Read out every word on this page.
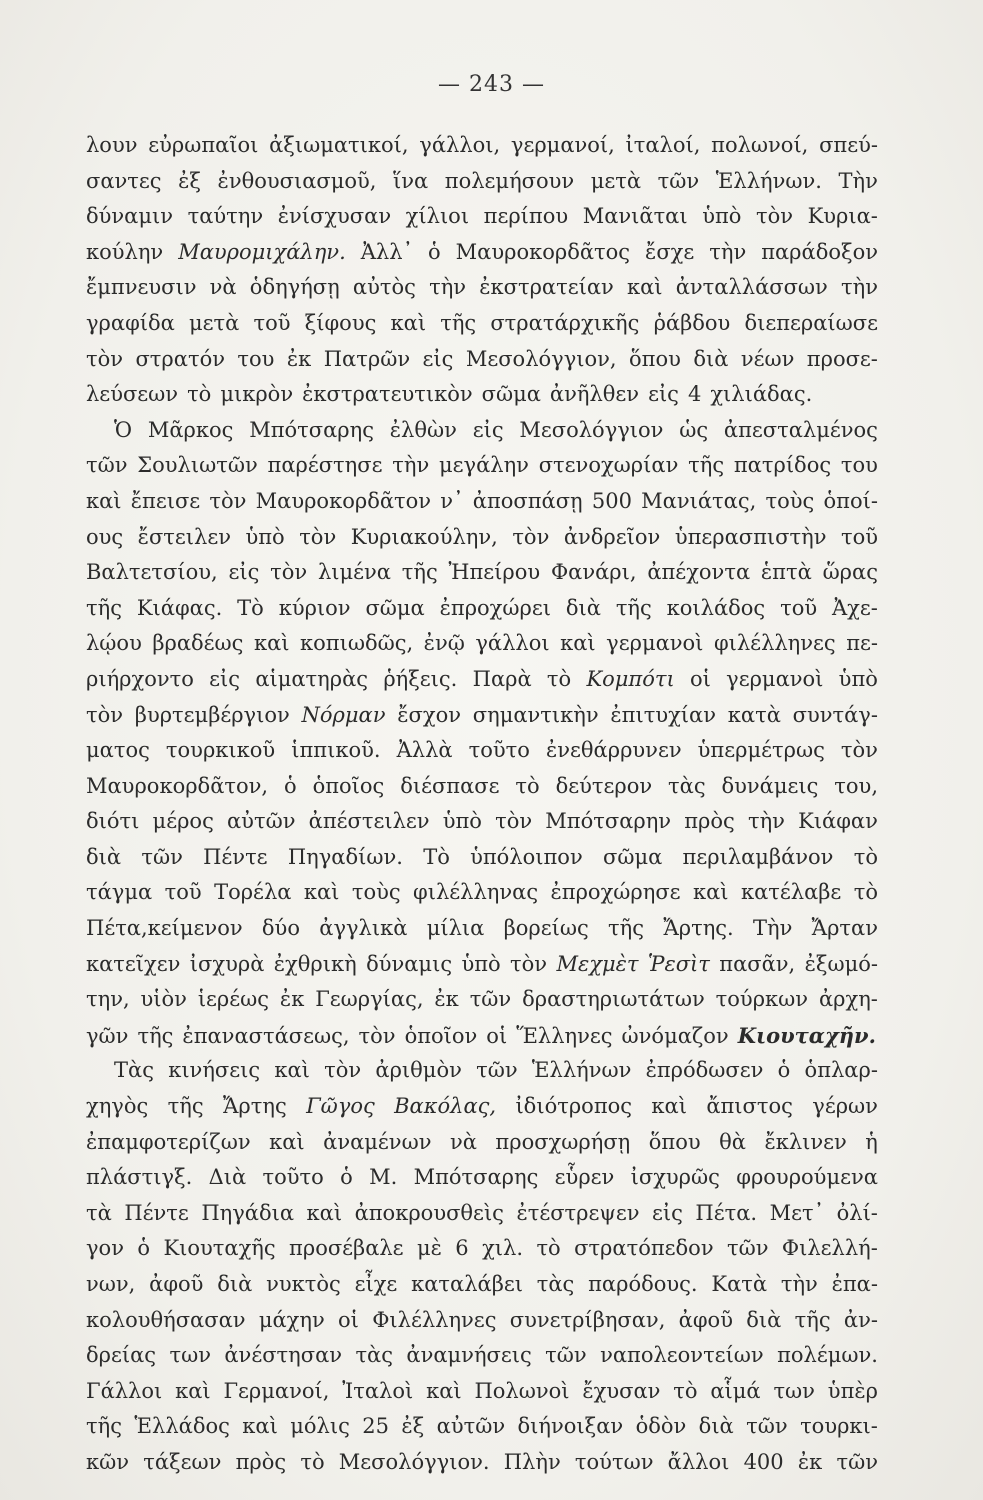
— 243 —
λουν εὐρωπαῖοι ἀξιωματικοί, γάλλοι, γερμανοί, ἰταλοί, πολωνοί, σπεύ-
σαντες ἐξ ἐνθουσιασμοῦ, ἵνα πολεμήσουν μετὰ τῶν Ἑλλήνων. Τὴν
δύναμιν ταύτην ἐνίσχυσαν χίλιοι περίπου Μανιᾶται ὑπὸ τὸν Κυρια-
κούλην Μαυρομιχάλην. Ἀλλ᾿ ὁ Μαυροκορδᾶτος ἔσχε τὴν παράδοξον
ἔμπνευσιν νὰ ὁδηγήσῃ αὐτὸς τὴν ἐκστρατείαν καὶ ἀνταλλάσσων τὴν
γραφίδα μετὰ τοῦ ξίφους καὶ τῆς στρατάρχικῆς ῥάβδου διεπεραίωσε
τὸν στρατόν του ἐκ Πατρῶν εἰς Μεσολόγγιον, ὅπου διὰ νέων προσε-
λεύσεων τὸ μικρὸν ἐκστρατευτικὸν σῶμα ἀνῆλθεν εἰς 4 χιλιάδας.
Ὁ Μᾶρκος Μπότσαρης ἐλθὼν εἰς Μεσολόγγιον ὡς ἀπεσταλμένος
τῶν Σουλιωτῶν παρέστησε τὴν μεγάλην στενοχωρίαν τῆς πατρίδος του
καὶ ἔπεισε τὸν Μαυροκορδᾶτον ν᾿ ἀποσπάσῃ 500 Μανιάτας, τοὺς ὁποί-
ους ἔστειλεν ὑπὸ τὸν Κυριακούλην, τὸν ἀνδρεῖον ὑπερασπιστὴν τοῦ
Βαλτετσίου, εἰς τὸν λιμένα τῆς Ἠπείρου Φανάρι, ἀπέχοντα ἑπτὰ ὥρας
τῆς Κιάφας. Τὸ κύριον σῶμα ἐπροχώρει διὰ τῆς κοιλάδος τοῦ Ἀχε-
λῴου βραδέως καὶ κοπιωδῶς, ἐνῷ γάλλοι καὶ γερμανοὶ φιλέλληνες πε-
ριήρχοντο εἰς αἱματηρὰς ῥήξεις. Παρὰ τὸ Κομπότι οἱ γερμανοὶ ὑπὸ
τὸν βυρτεμβέργιον Νόρμαν ἔσχον σημαντικὴν ἐπιτυχίαν κατὰ συντάγ-
ματος τουρκικοῦ ἱππικοῦ. Ἀλλὰ τοῦτο ἐνεθάρρυνεν ὑπερμέτρως τὸν
Μαυροκορδᾶτον, ὁ ὁποῖος διέσπασε τὸ δεύτερον τὰς δυνάμεις του,
διότι μέρος αὐτῶν ἀπέστειλεν ὑπὸ τὸν Μπότσαρην πρὸς τὴν Κιάφαν
διὰ τῶν Πέντε Πηγαδίων. Τὸ ὑπόλοιπον σῶμα περιλαμβάνον τὸ
τάγμα τοῦ Τορέλα καὶ τοὺς φιλέλληνας ἐπροχώρησε καὶ κατέλαβε τὸ
Πέτα,κείμενον δύο ἀγγλικὰ μίλια βορείως τῆς Ἄρτης. Τὴν Ἄρταν
κατεῖχεν ἰσχυρὰ ἐχθρικὴ δύναμις ὑπὸ τὸν Μεχμὲτ Ῥεσὶτ πασᾶν, ἐξωμό-
την, υἱὸν ἱερέως ἐκ Γεωργίας, ἐκ τῶν δραστηριωτάτων τούρκων ἀρχη-
γῶν τῆς ἐπαναστάσεως, τὸν ὁποῖον οἱ Ἕλληνες ὠνόμαζον Κιουταχῆν.
Τὰς κινήσεις καὶ τὸν ἀριθμὸν τῶν Ἑλλήνων ἐπρόδωσεν ὁ ὁπλαρ-
χηγὸς τῆς Ἄρτης Γῶγος Βακόλας, ἰδιότροπος καὶ ἄπιστος γέρων
ἐπαμφοτερίζων καὶ ἀναμένων νὰ προσχωρήσῃ ὅπου θὰ ἔκλινεν ἡ
πλάστιγξ. Διὰ τοῦτο ὁ Μ. Μπότσαρης εὗρεν ἰσχυρῶς φρουρούμενα
τὰ Πέντε Πηγάδια καὶ ἀποκρουσθεὶς ἐτέστρεψεν εἰς Πέτα. Μετ᾿ ὀλί-
γον ὁ Κιουταχῆς προσέβαλε μὲ 6 χιλ. τὸ στρατόπεδον τῶν Φιλελλή-
νων, ἀφοῦ διὰ νυκτὸς εἶχε καταλάβει τὰς παρόδους. Κατὰ τὴν ἐπα-
κολουθήσασαν μάχην οἱ Φιλέλληνες συνετρίβησαν, ἀφοῦ διὰ τῆς ἀν-
δρείας των ἀνέστησαν τὰς ἀναμνήσεις τῶν ναπολεοντείων πολέμων.
Γάλλοι καὶ Γερμανοί, Ἰταλοὶ καὶ Πολωνοὶ ἔχυσαν τὸ αἷμά των ὑπὲρ
τῆς Ἑλλάδος καὶ μόλις 25 ἐξ αὐτῶν διήνοιξαν ὁδὸν διὰ τῶν τουρκι-
κῶν τάξεων πρὸς τὸ Μεσολόγγιον. Πλὴν τούτων ἄλλοι 400 ἐκ τῶν
